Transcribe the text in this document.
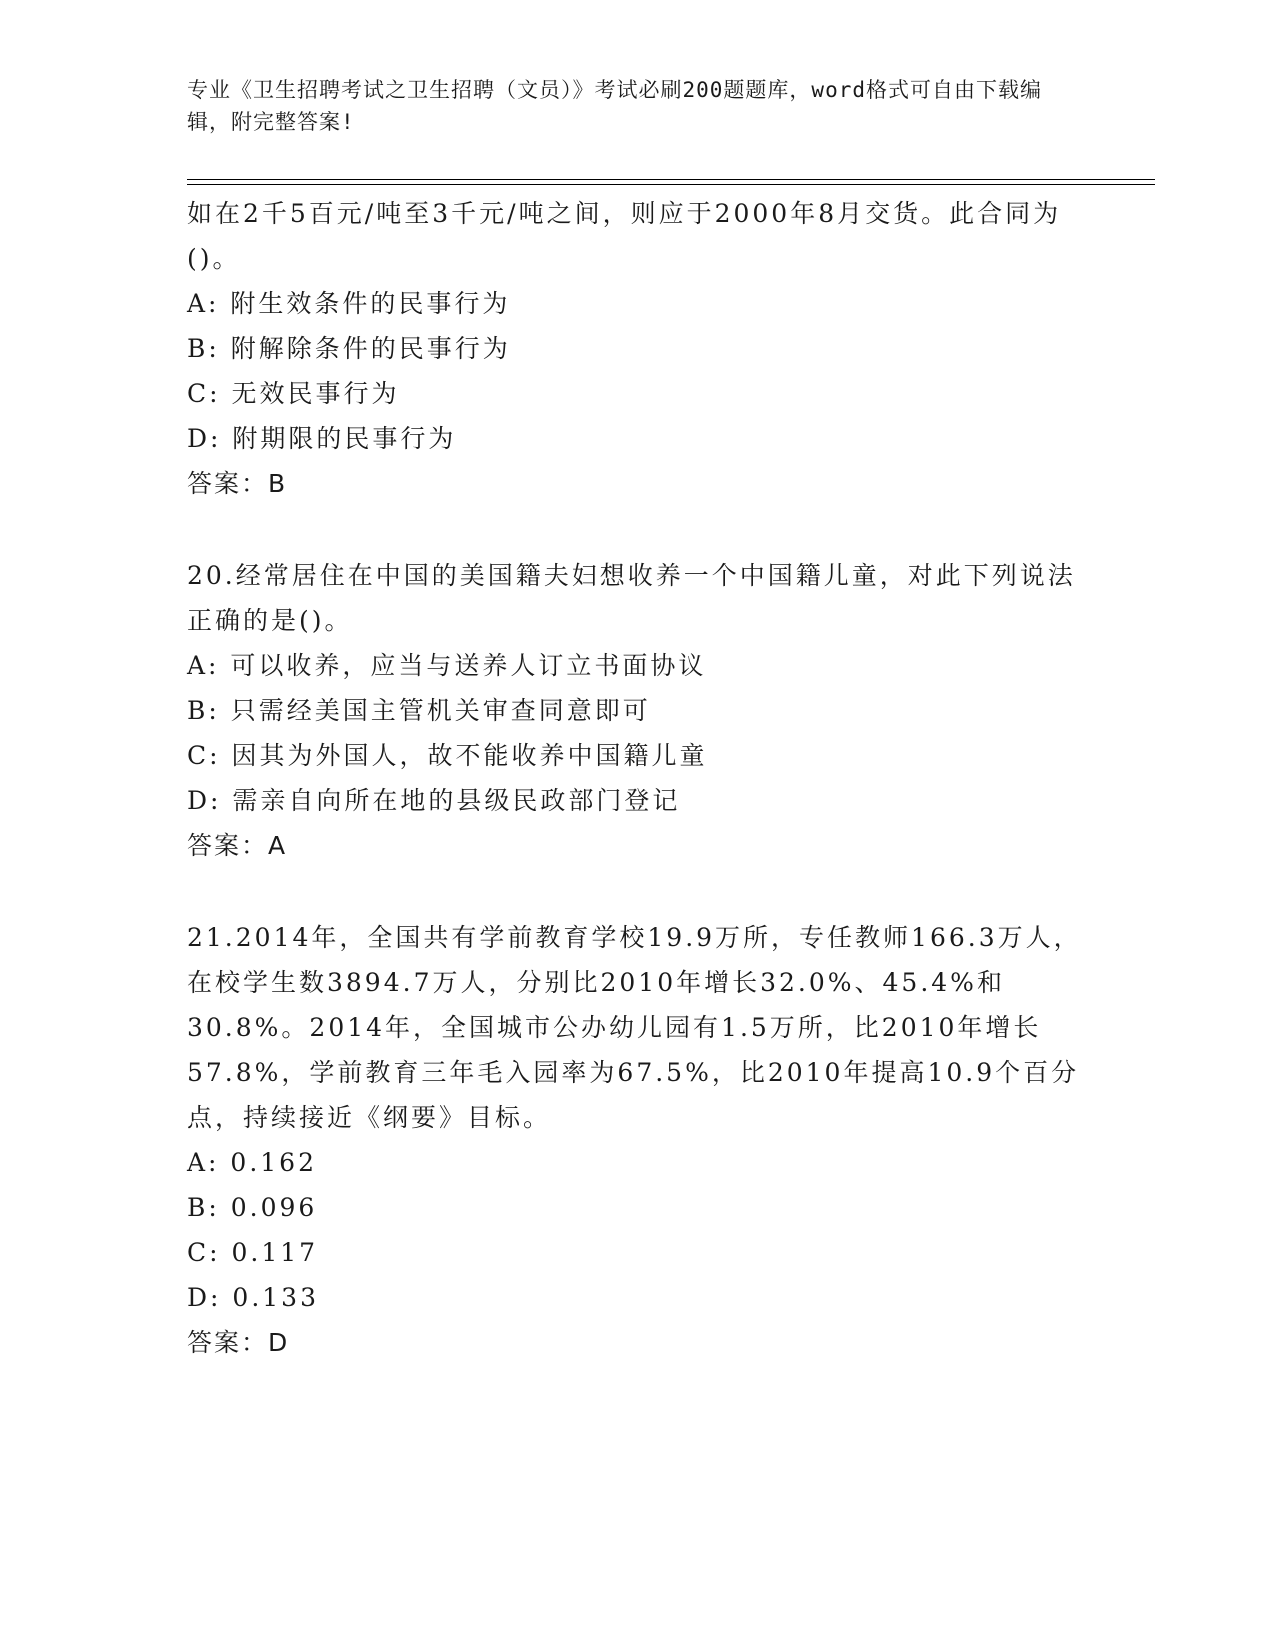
专业《卫生招聘考试之卫生招聘（文员）》考试必刷200题题库，word格式可自由下载编辑，附完整答案!

如在2千5百元/吨至3千元/吨之间，则应于2000年8月交货。此合同为()。

A: 附生效条件的民事行为

B: 附解除条件的民事行为

C: 无效民事行为

D: 附期限的民事行为

答案：B

20.经常居住在中国的美国籍夫妇想收养一个中国籍儿童，对此下列说法正确的是()。

A: 可以收养，应当与送养人订立书面协议

B: 只需经美国主管机关审查同意即可

C: 因其为外国人，故不能收养中国籍儿童

D: 需亲自向所在地的县级民政部门登记

答案：A

21.2014年，全国共有学前教育学校19.9万所，专任教师166.3万人，在校学生数3894.7万人，分别比2010年增长32.0%、45.4%和30.8%。2014年，全国城市公办幼儿园有1.5万所，比2010年增长57.8%，学前教育三年毛入园率为67.5%，比2010年提高10.9个百分点，持续接近《纲要》目标。

A: 0.162

B: 0.096

C: 0.117

D: 0.133

答案：D
